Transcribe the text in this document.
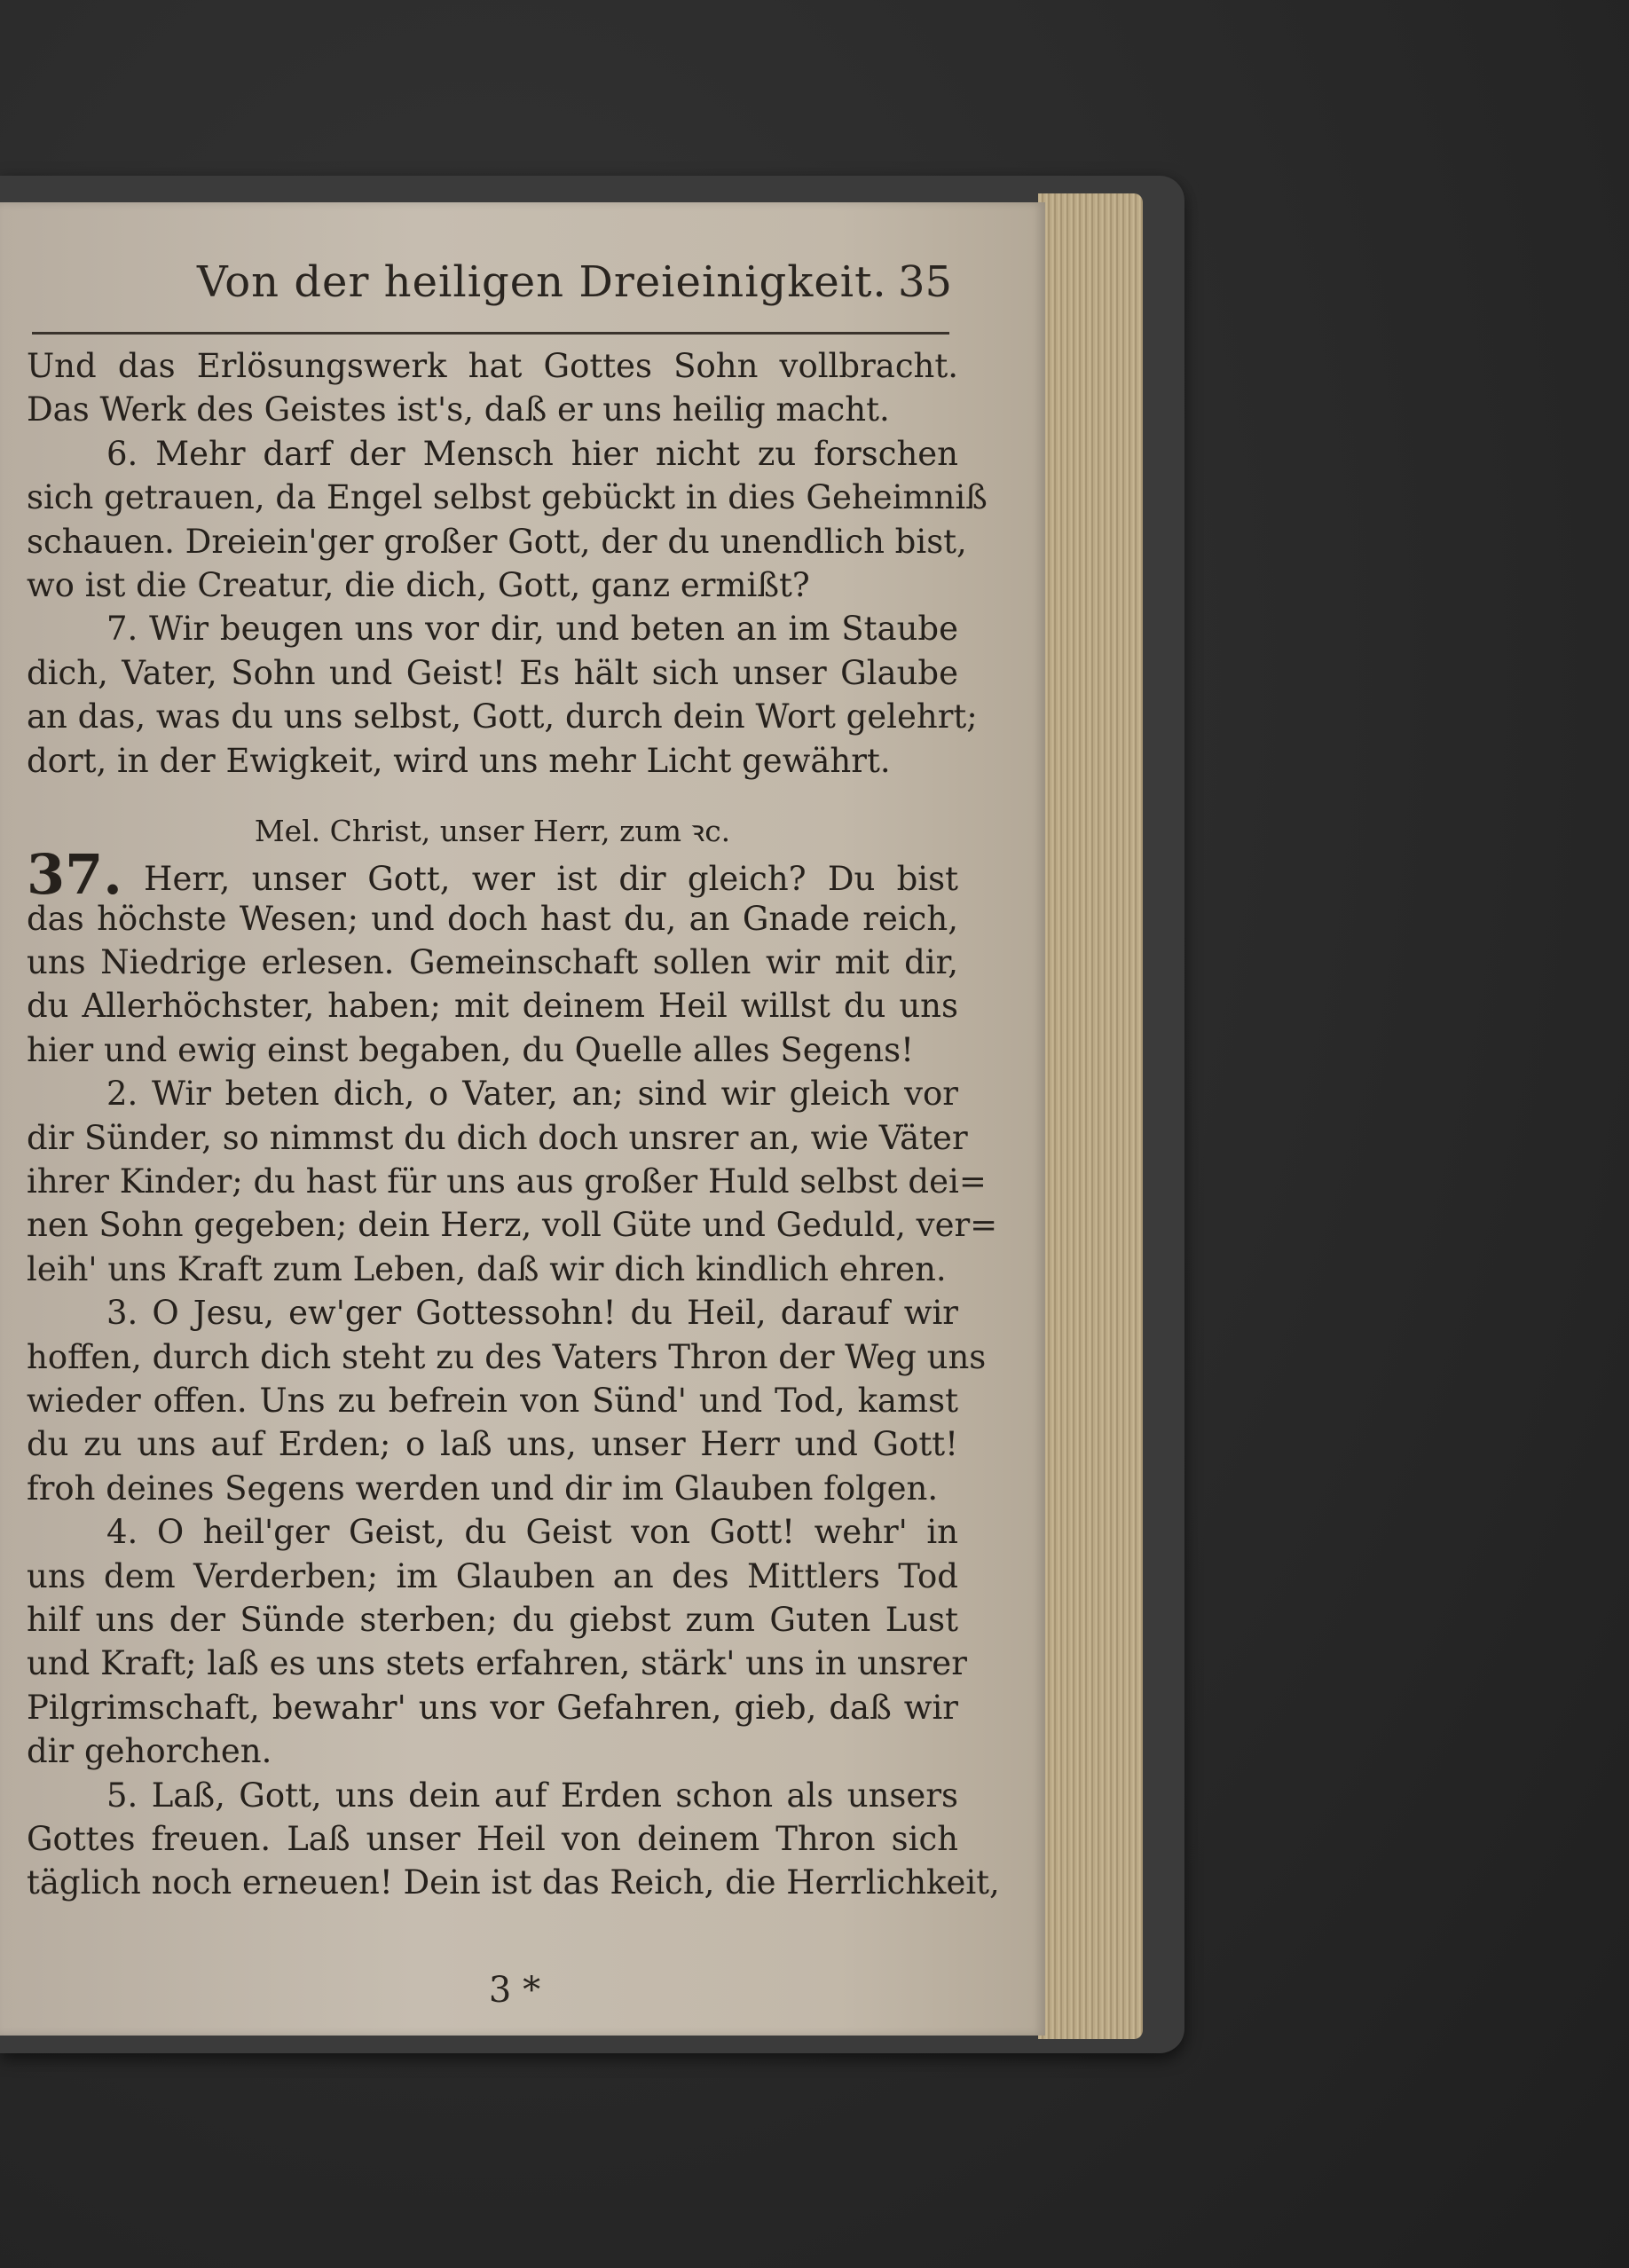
Von der heiligen Dreieinigkeit. 35
Und das Erlösungswerk hat Gottes Sohn vollbracht.
Das Werk des Geistes ist's, daß er uns heilig macht.
6. Mehr darf der Mensch hier nicht zu forschen
sich getrauen, da Engel selbst gebückt in dies Geheimniß
schauen. Dreiein'ger großer Gott, der du unendlich bist,
wo ist die Creatur, die dich, Gott, ganz ermißt?
7. Wir beugen uns vor dir, und beten an im Staube
dich, Vater, Sohn und Geist! Es hält sich unser Glaube
an das, was du uns selbst, Gott, durch dein Wort gelehrt;
dort, in der Ewigkeit, wird uns mehr Licht gewährt.
Mel. Christ, unser Herr, zum ꝛc.
37. Herr, unser Gott, wer ist dir gleich? Du bist
das höchste Wesen; und doch hast du, an Gnade reich,
uns Niedrige erlesen. Gemeinschaft sollen wir mit dir,
du Allerhöchster, haben; mit deinem Heil willst du uns
hier und ewig einst begaben, du Quelle alles Segens!
2. Wir beten dich, o Vater, an; sind wir gleich vor
dir Sünder, so nimmst du dich doch unsrer an, wie Väter
ihrer Kinder; du hast für uns aus großer Huld selbst dei=
nen Sohn gegeben; dein Herz, voll Güte und Geduld, ver=
leih' uns Kraft zum Leben, daß wir dich kindlich ehren.
3. O Jesu, ew'ger Gottessohn! du Heil, darauf wir
hoffen, durch dich steht zu des Vaters Thron der Weg uns
wieder offen. Uns zu befrein von Sünd' und Tod, kamst
du zu uns auf Erden; o laß uns, unser Herr und Gott!
froh deines Segens werden und dir im Glauben folgen.
4. O heil'ger Geist, du Geist von Gott! wehr' in
uns dem Verderben; im Glauben an des Mittlers Tod
hilf uns der Sünde sterben; du giebst zum Guten Lust
und Kraft; laß es uns stets erfahren, stärk' uns in unsrer
Pilgrimschaft, bewahr' uns vor Gefahren, gieb, daß wir
dir gehorchen.
5. Laß, Gott, uns dein auf Erden schon als unsers
Gottes freuen. Laß unser Heil von deinem Thron sich
täglich noch erneuen! Dein ist das Reich, die Herrlichkeit,
3 *
